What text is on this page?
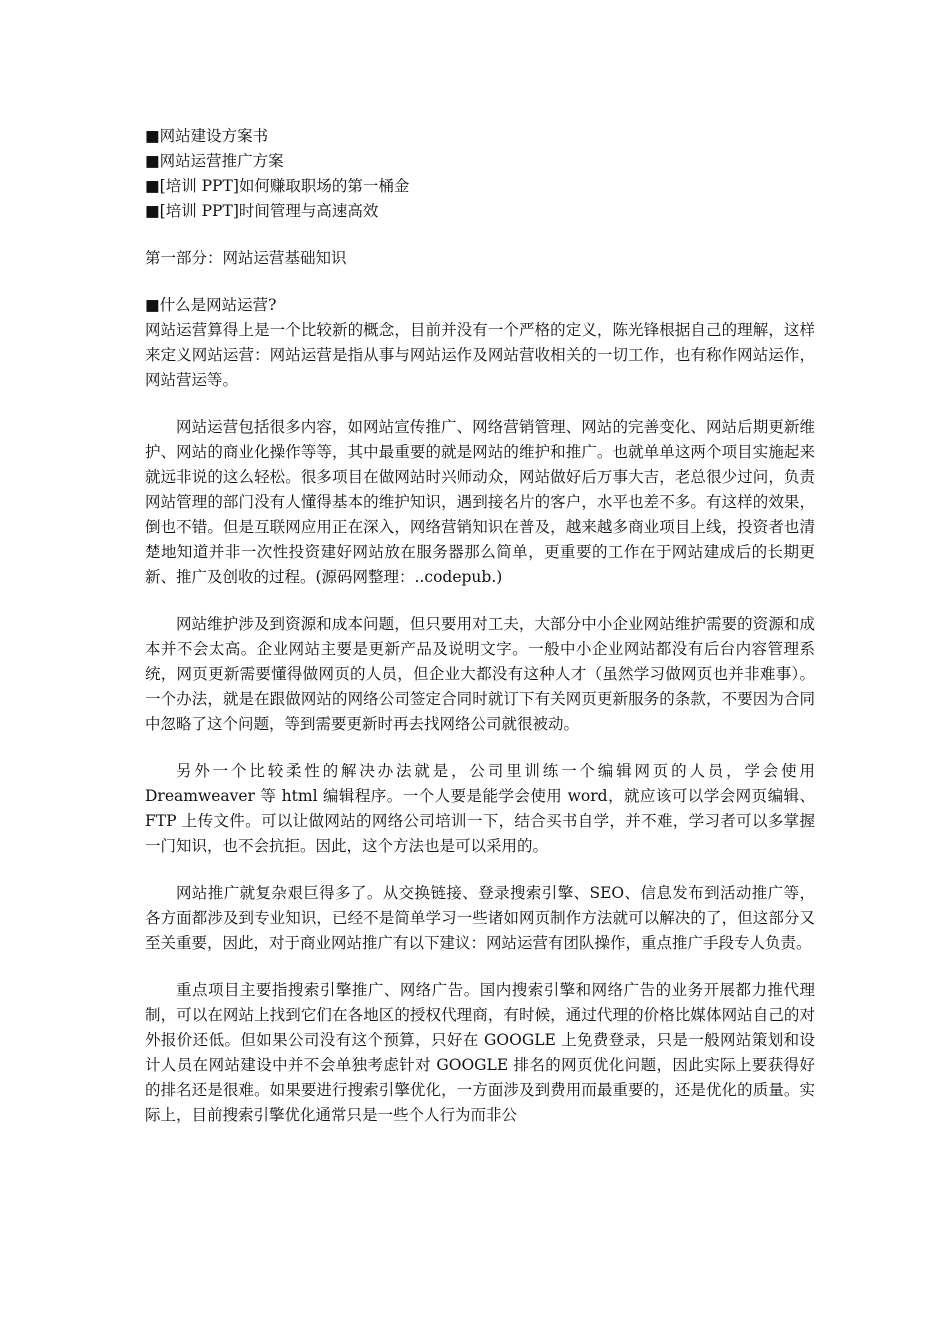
■网站建设方案书
■网站运营推广方案
■[培训 PPT]如何赚取职场的第一桶金
■[培训 PPT]时间管理与高速高效
第一部分：网站运营基础知识
■什么是网站运营?

网站运营算得上是一个比较新的概念，目前并没有一个严格的定义，陈光锋根据自己的理解，这样来定义网站运营：网站运营是指从事与网站运作及网站营收相关的一切工作，也有称作网站运作，网站营运等。

网站运营包括很多内容，如网站宣传推广、网络营销管理、网站的完善变化、网站后期更新维护、网站的商业化操作等等，其中最重要的就是网站的维护和推广。也就单单这两个项目实施起来就远非说的这么轻松。很多项目在做网站时兴师动众，网站做好后万事大吉，老总很少过问，负责网站管理的部门没有人懂得基本的维护知识，遇到接名片的客户，水平也差不多。有这样的效果，倒也不错。但是互联网应用正在深入，网络营销知识在普及，越来越多商业项目上线，投资者也清楚地知道并非一次性投资建好网站放在服务器那么简单，更重要的工作在于网站建成后的长期更新、推广及创收的过程。(源码网整理：..codepub.)

网站维护涉及到资源和成本问题，但只要用对工夫，大部分中小企业网站维护需要的资源和成本并不会太高。企业网站主要是更新产品及说明文字。一般中小企业网站都没有后台内容管理系统，网页更新需要懂得做网页的人员，但企业大都没有这种人才（虽然学习做网页也并非难事）。一个办法，就是在跟做网站的网络公司签定合同时就订下有关网页更新服务的条款，不要因为合同中忽略了这个问题，等到需要更新时再去找网络公司就很被动。

另外一个比较柔性的解决办法就是，公司里训练一个编辑网页的人员，学会使用 Dreamweaver 等 html 编辑程序。一个人要是能学会使用 word，就应该可以学会网页编辑、FTP 上传文件。可以让做网站的网络公司培训一下，结合买书自学，并不难，学习者可以多掌握一门知识，也不会抗拒。因此，这个方法也是可以采用的。

网站推广就复杂艰巨得多了。从交换链接、登录搜索引擎、SEO、信息发布到活动推广等，各方面都涉及到专业知识，已经不是简单学习一些诸如网页制作方法就可以解决的了，但这部分又至关重要，因此，对于商业网站推广有以下建议：网站运营有团队操作，重点推广手段专人负责。

重点项目主要指搜索引擎推广、网络广告。国内搜索引擎和网络广告的业务开展都力推代理制，可以在网站上找到它们在各地区的授权代理商，有时候，通过代理的价格比媒体网站自己的对外报价还低。但如果公司没有这个预算，只好在 GOOGLE 上免费登录，只是一般网站策划和设计人员在网站建设中并不会单独考虑针对 GOOGLE 排名的网页优化问题，因此实际上要获得好的排名还是很难。如果要进行搜索引擎优化，一方面涉及到费用而最重要的，还是优化的质量。实际上，目前搜索引擎优化通常只是一些个人行为而非公
